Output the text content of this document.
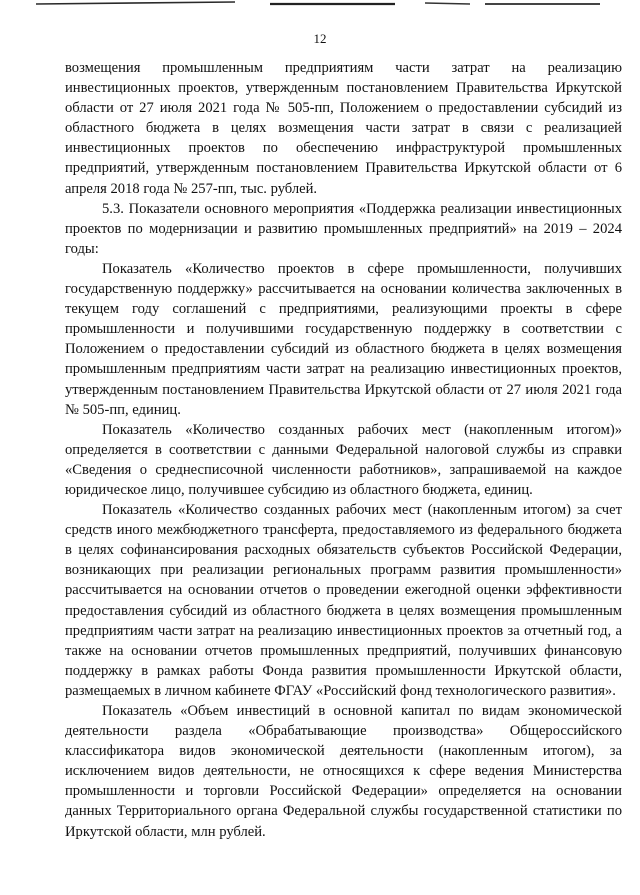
12

возмещения промышленным предприятиям части затрат на реализацию инвестиционных проектов, утвержденным постановлением Правительства Иркутской области от 27 июля 2021 года № 505-пп, Положением о предоставлении субсидий из областного бюджета в целях возмещения части затрат в связи с реализацией инвестиционных проектов по обеспечению инфраструктурой промышленных предприятий, утвержденным постановлением Правительства Иркутской области от 6 апреля 2018 года № 257-пп, тыс. рублей.

5.3. Показатели основного мероприятия «Поддержка реализации инвестиционных проектов по модернизации и развитию промышленных предприятий» на 2019 – 2024 годы:

Показатель «Количество проектов в сфере промышленности, получивших государственную поддержку» рассчитывается на основании количества заключенных в текущем году соглашений с предприятиями, реализующими проекты в сфере промышленности и получившими государственную поддержку в соответствии с Положением о предоставлении субсидий из областного бюджета в целях возмещения промышленным предприятиям части затрат на реализацию инвестиционных проектов, утвержденным постановлением Правительства Иркутской области от 27 июля 2021 года № 505-пп, единиц.

Показатель «Количество созданных рабочих мест (накопленным итогом)» определяется в соответствии с данными Федеральной налоговой службы из справки «Сведения о среднесписочной численности работников», запрашиваемой на каждое юридическое лицо, получившее субсидию из областного бюджета, единиц.

Показатель «Количество созданных рабочих мест (накопленным итогом) за счет средств иного межбюджетного трансферта, предоставляемого из федерального бюджета в целях софинансирования расходных обязательств субъектов Российской Федерации, возникающих при реализации региональных программ развития промышленности» рассчитывается на основании отчетов о проведении ежегодной оценки эффективности предоставления субсидий из областного бюджета в целях возмещения промышленным предприятиям части затрат на реализацию инвестиционных проектов за отчетный год, а также на основании отчетов промышленных предприятий, получивших финансовую поддержку в рамках работы Фонда развития промышленности Иркутской области, размещаемых в личном кабинете ФГАУ «Российский фонд технологического развития».

Показатель «Объем инвестиций в основной капитал по видам экономической деятельности раздела «Обрабатывающие производства» Общероссийского классификатора видов экономической деятельности (накопленным итогом), за исключением видов деятельности, не относящихся к сфере ведения Министерства промышленности и торговли Российской Федерации» определяется на основании данных Территориального органа Федеральной службы государственной статистики по Иркутской области, млн рублей.
